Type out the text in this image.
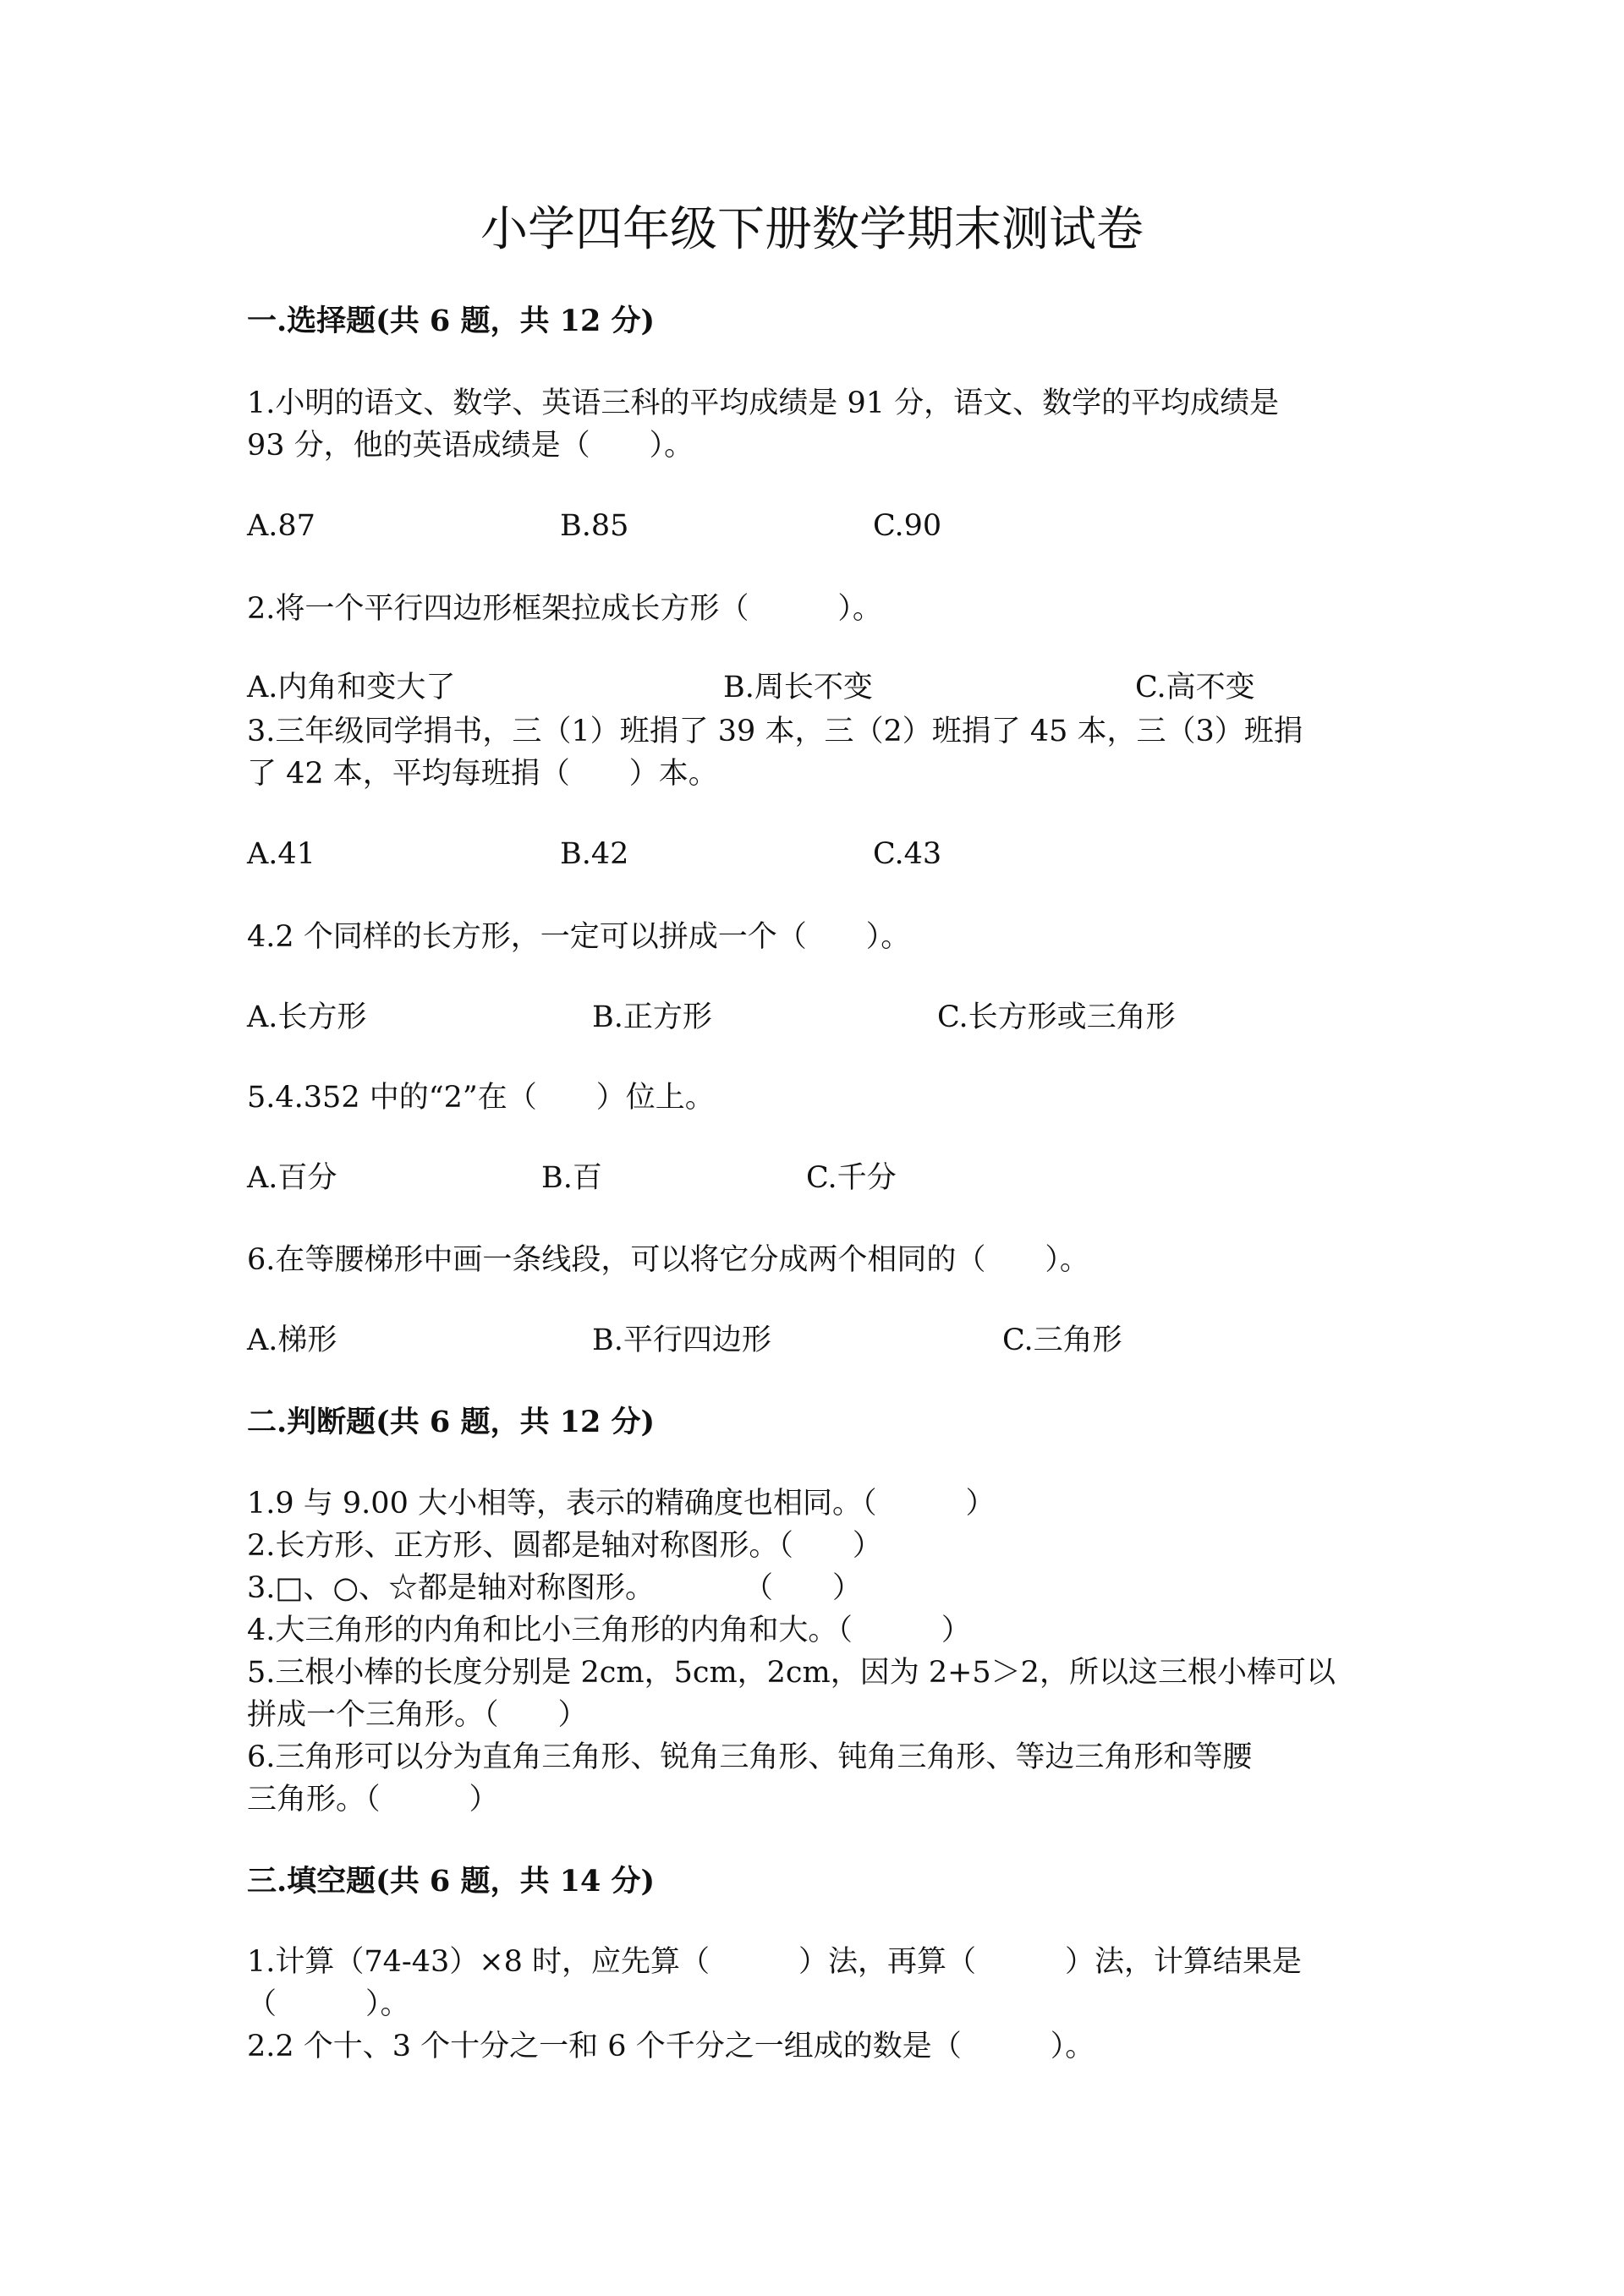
小学四年级下册数学期末测试卷

一.选择题(共 6 题，共 12 分)

1.小明的语文、数学、英语三科的平均成绩是 91 分，语文、数学的平均成绩是

93 分，他的英语成绩是（　　）。

A.87	B.85	C.90

2.将一个平行四边形框架拉成长方形（　　　）。

A.内角和变大了	B.周长不变	C.高不变

3.三年级同学捐书，三（1）班捐了 39 本，三（2）班捐了 45 本，三（3）班捐

了 42 本，平均每班捐（　　）本。

A.41	B.42	C.43

4.2 个同样的长方形，一定可以拼成一个（　　）。

A.长方形	B.正方形	C.长方形或三角形

5.4.352 中的“2”在（　　）位上。

A.百分	B.百	C.千分

6.在等腰梯形中画一条线段，可以将它分成两个相同的（　　）。

A.梯形	B.平行四边形	C.三角形

二.判断题(共 6 题，共 12 分)

1.9 与 9.00 大小相等，表示的精确度也相同。（　　　）

2.长方形、正方形、圆都是轴对称图形。（　　）

3.□、○、☆都是轴对称图形。　　　　（　　）

4.大三角形的内角和比小三角形的内角和大。（　　　）

5.三根小棒的长度分别是 2cm，5cm，2cm，因为 2+5＞2，所以这三根小棒可以

拼成一个三角形。（　　）

6.三角形可以分为直角三角形、锐角三角形、钝角三角形、等边三角形和等腰

三角形。（　　　）

三.填空题(共 6 题，共 14 分)

1.计算（74-43）×8 时，应先算（　　　）法，再算（　　　）法，计算结果是

（　　　）。

2.2 个十、3 个十分之一和 6 个千分之一组成的数是（　　　）。
